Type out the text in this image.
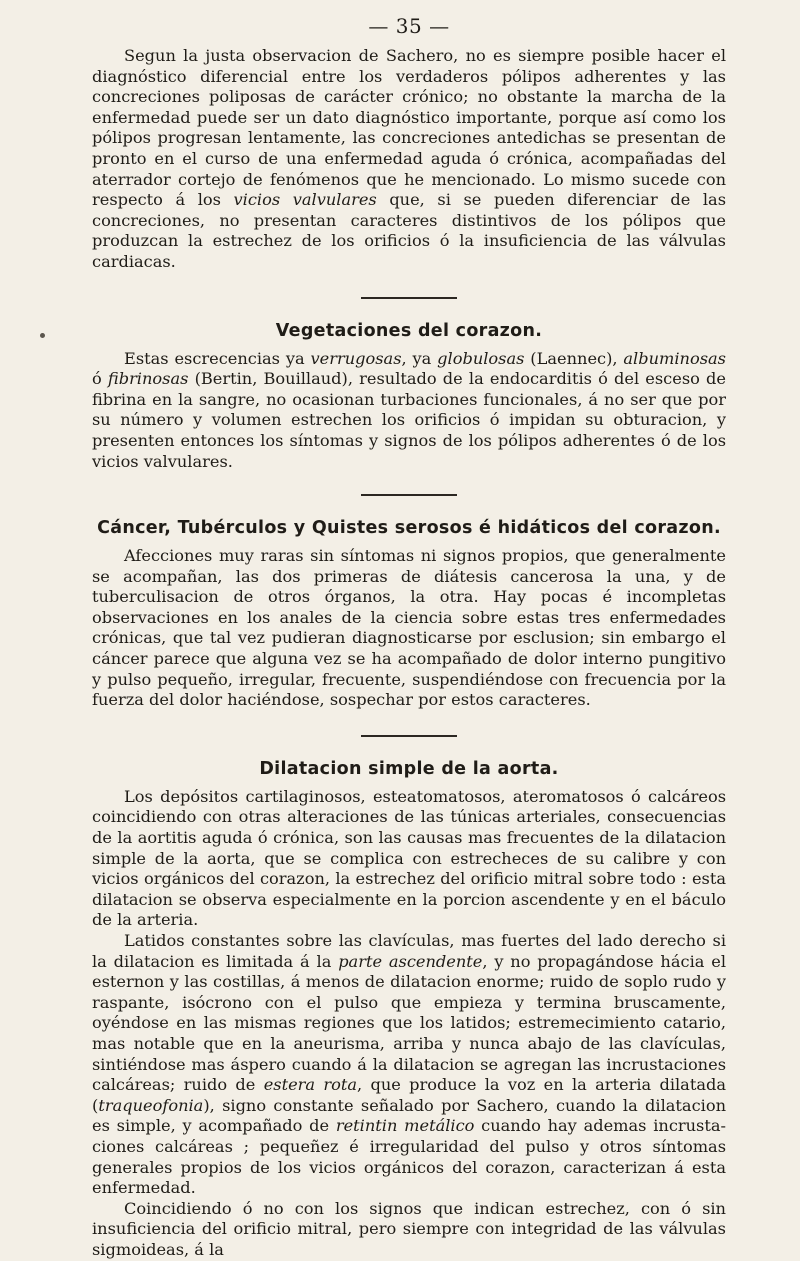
— 35 —

Segun la justa observacion de Sachero, no es siempre posible hacer el diagnóstico diferencial entre los verdaderos pólipos adherentes y las concreciones poliposas de carácter crónico; no obstante la marcha de la enfermedad puede ser un dato diagnóstico importante, porque así como los pólipos progresan lentamente, las concreciones antedichas se presentan de pronto en el curso de una enfermedad aguda ó crónica, acompañadas del aterrador cortejo de fenómenos que he mencionado. Lo mismo sucede con respecto á los vicios valvulares que, si se pueden diferenciar de las concreciones, no presentan caracteres distintivos de los pólipos que produzcan la estrechez de los orificios ó la insuficiencia de las válvulas cardiacas.

Vegetaciones del corazon.

Estas escrecencias ya verrugosas, ya globulosas (Laennec), albuminosas ó fibrinosas (Bertin, Bouillaud), resultado de la endocarditis ó del esceso de fibrina en la sangre, no ocasionan turbaciones funcionales, á no ser que por su número y volumen estrechen los orificios ó impidan su obturacion, y presenten entonces los síntomas y signos de los pólipos adherentes ó de los vicios valvulares.

Cáncer, Tubérculos y Quistes serosos é hidáticos del corazon.

Afecciones muy raras sin síntomas ni signos propios, que generalmente se acompañan, las dos primeras de diátesis cancerosa la una, y de tuberculisacion de otros órganos, la otra. Hay pocas é incompletas observaciones en los anales de la ciencia sobre estas tres enfermedades crónicas, que tal vez pudieran diagnosticarse por esclusion; sin embargo el cáncer parece que alguna vez se ha acompañado de dolor interno pungitivo y pulso pequeño, irregular, frecuente, suspendiéndose con frecuencia por la fuerza del dolor haciéndose, sospechar por estos caracteres.

Dilatacion simple de la aorta.

Los depósitos cartilaginosos, esteatomatosos, ateromatosos ó calcáreos coincidiendo con otras alteraciones de las túnicas arteriales, consecuencias de la aortitis aguda ó crónica, son las causas mas frecuentes de la dilatacion simple de la aorta, que se complica con estrecheces de su calibre y con vicios orgánicos del corazon, la estrechez del orificio mitral sobre todo : esta dilatacion se observa especialmente en la porcion ascendente y en el báculo de la arteria.

Latidos constantes sobre las clavículas, mas fuertes del lado derecho si la dilatacion es limitada á la parte ascendente, y no propagándose hácia el esternon y las costillas, á menos de dilatacion enorme; ruido de soplo rudo y raspante, isócrono con el pulso que empieza y termina bruscamente, oyéndose en las mismas regiones que los latidos; estremecimiento catario, mas notable que en la aneurisma, arriba y nunca abajo de las clavículas, sintiéndose mas áspero cuando á la dilatacion se agregan las incrustaciones calcáreas; ruido de estera rota, que produce la voz en la arteria dilatada (traqueofonia), signo constante señalado por Sachero, cuando la dilatacion es simple, y acompañado de retintin metálico cuando hay ademas incrustaciones calcáreas ; pequeñez é irregularidad del pulso y otros síntomas generales propios de los vicios orgánicos del corazon, caracterizan á esta enfermedad.

Coincidiendo ó no con los signos que indican estrechez, con ó sin insuficiencia del orificio mitral, pero siempre con integridad de las válvulas sigmoideas, á la
